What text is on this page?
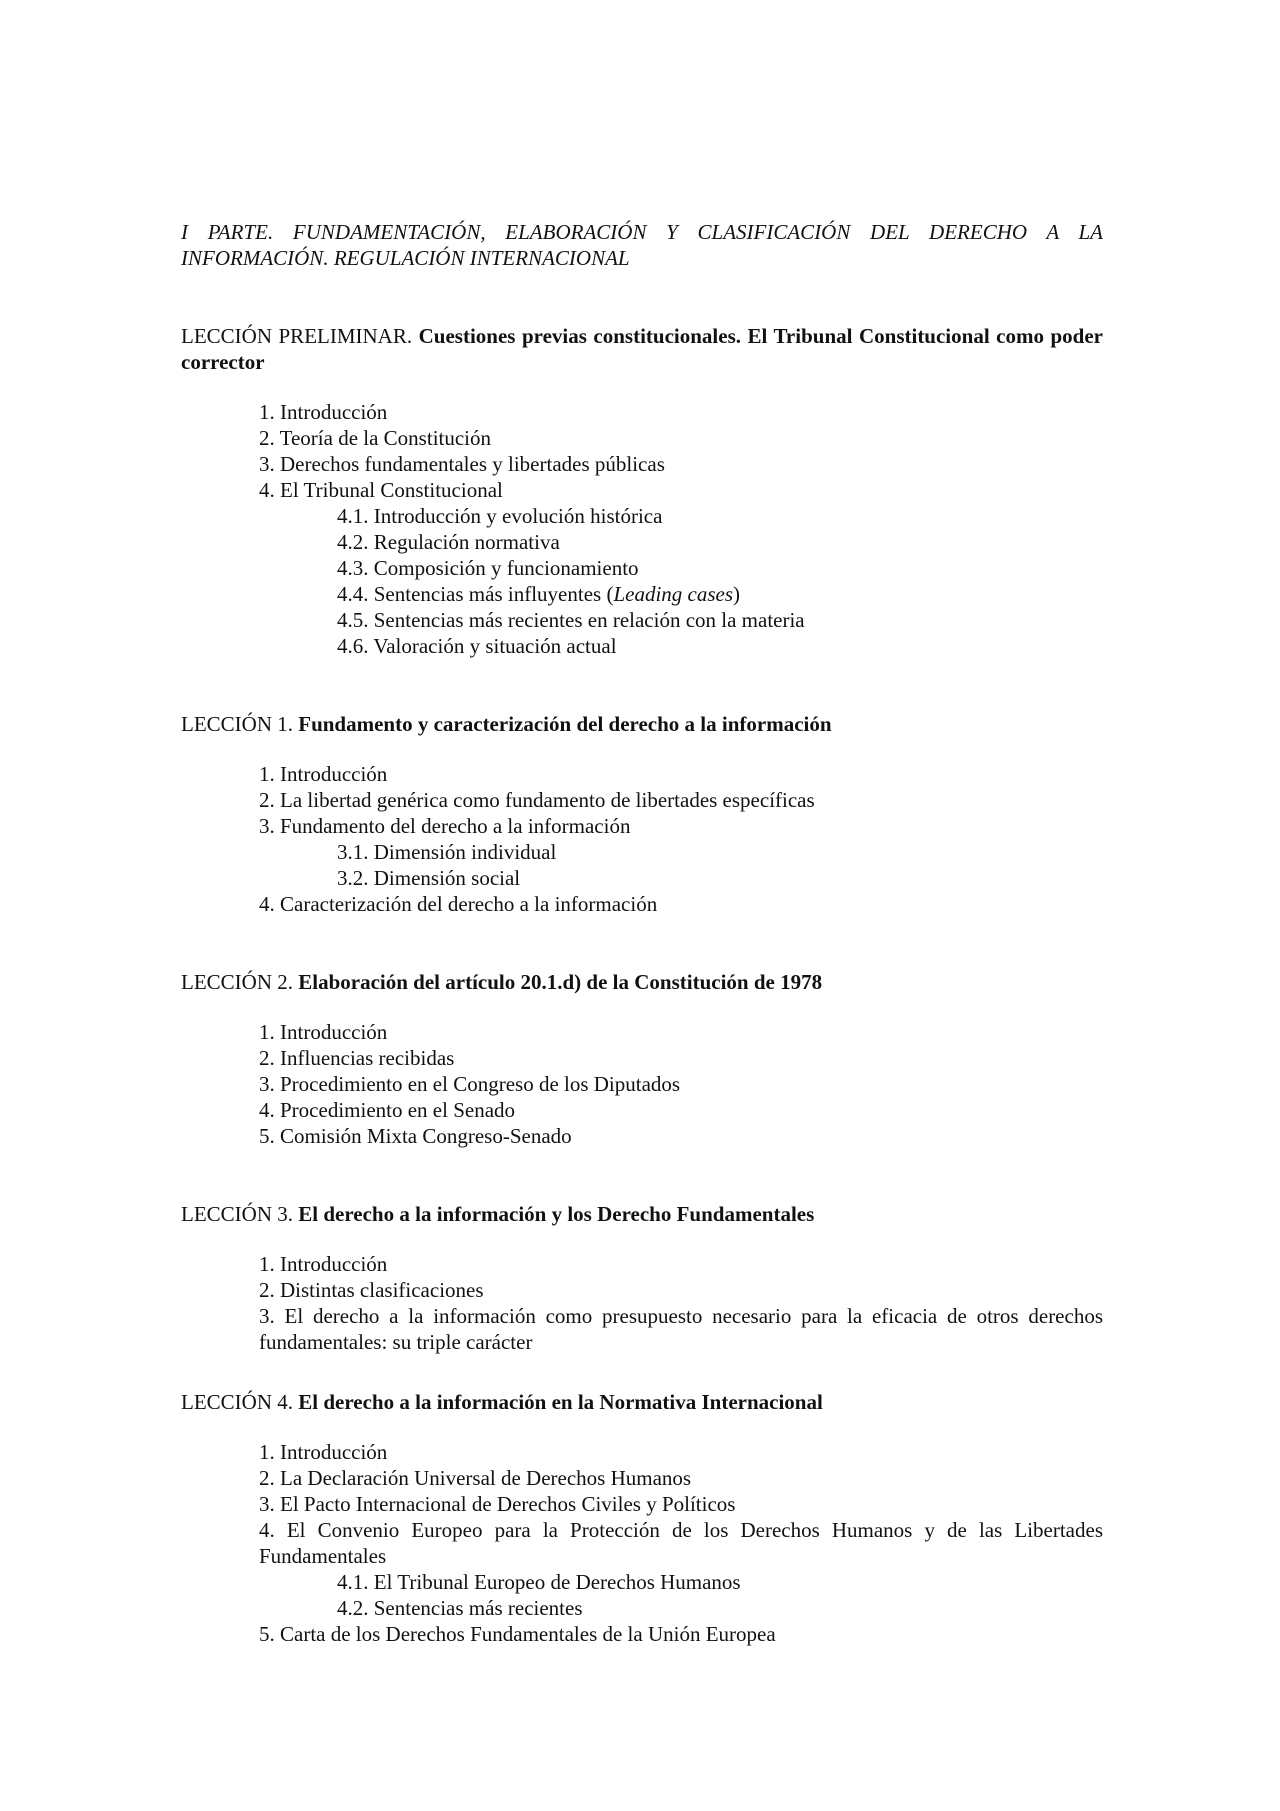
I PARTE. FUNDAMENTACIÓN, ELABORACIÓN Y CLASIFICACIÓN DEL DERECHO A LA INFORMACIÓN. REGULACIÓN INTERNACIONAL
LECCIÓN PRELIMINAR. Cuestiones previas constitucionales. El Tribunal Constitucional como poder corrector
1. Introducción
2. Teoría de la Constitución
3. Derechos fundamentales y libertades públicas
4. El Tribunal Constitucional
4.1. Introducción y evolución histórica
4.2. Regulación normativa
4.3. Composición y funcionamiento
4.4. Sentencias más influyentes (Leading cases)
4.5. Sentencias más recientes en relación con la materia
4.6. Valoración y situación actual
LECCIÓN 1. Fundamento y caracterización del derecho a la información
1. Introducción
2. La libertad genérica como fundamento de libertades específicas
3. Fundamento del derecho a la información
3.1. Dimensión individual
3.2. Dimensión social
4. Caracterización del derecho a la información
LECCIÓN 2. Elaboración del artículo 20.1.d) de la Constitución de 1978
1. Introducción
2. Influencias recibidas
3. Procedimiento en el Congreso de los Diputados
4. Procedimiento en el Senado
5. Comisión Mixta Congreso-Senado
LECCIÓN 3. El derecho a la información y los Derecho Fundamentales
1. Introducción
2. Distintas clasificaciones
3. El derecho a la información como presupuesto necesario para la eficacia de otros derechos fundamentales: su triple carácter
LECCIÓN 4. El derecho a la información en la Normativa Internacional
1. Introducción
2. La Declaración Universal de Derechos Humanos
3. El Pacto Internacional de Derechos Civiles y Políticos
4. El Convenio Europeo para la Protección de los Derechos Humanos y de las Libertades Fundamentales
4.1. El Tribunal Europeo de Derechos Humanos
4.2. Sentencias más recientes
5. Carta de los Derechos Fundamentales de la Unión Europea
